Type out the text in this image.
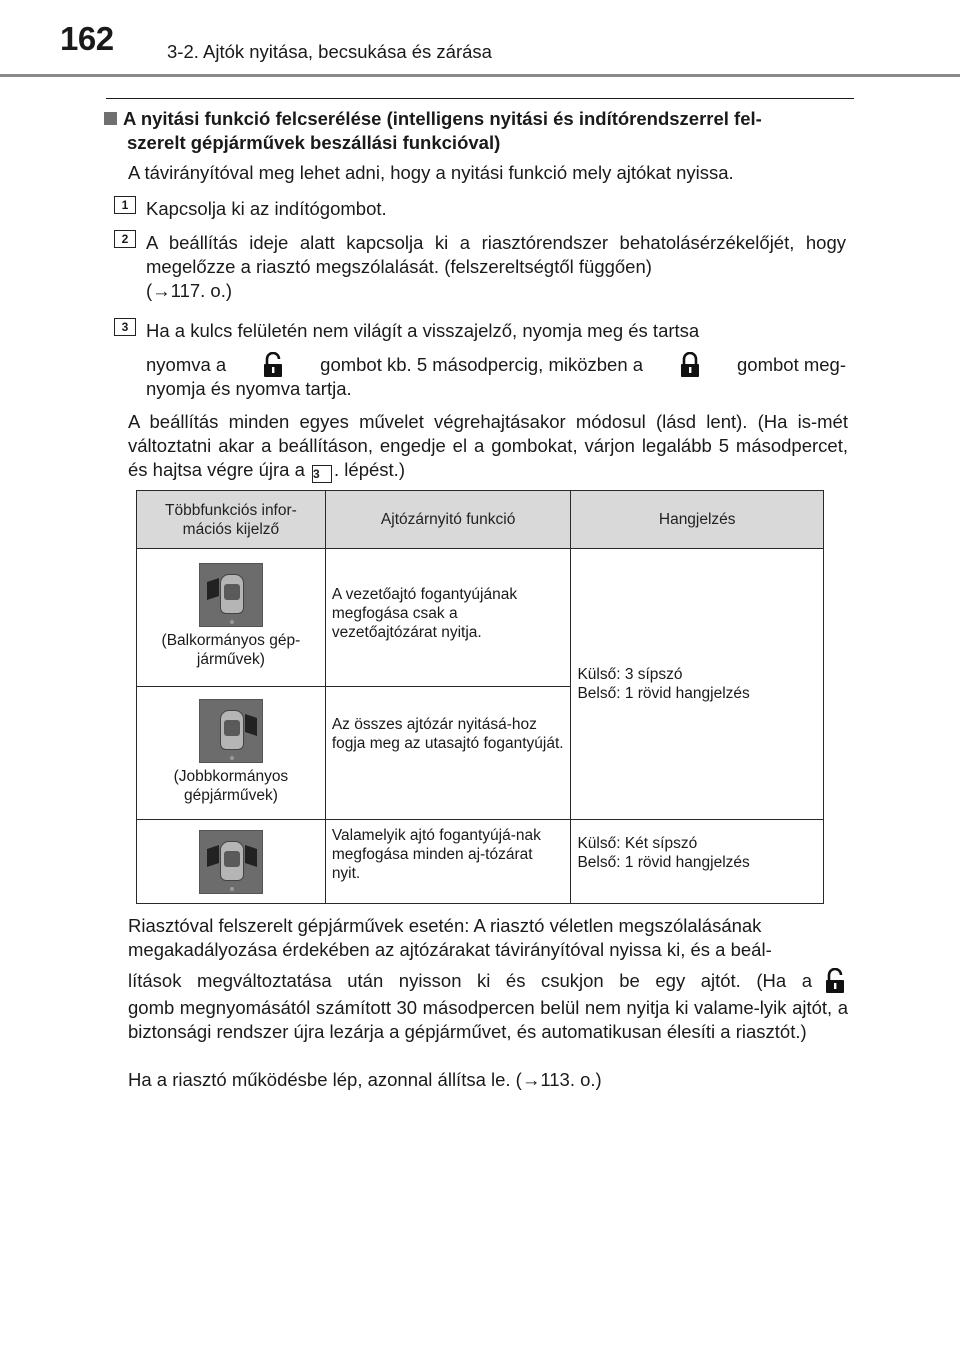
162	3-2. Ajtók nyitása, becsukása és zárása
A nyitási funkció felcserélése (intelligens nyitási és indítórendszerrel fel-
szerelt gépjárművek beszállási funkcióval)
A távirányítóval meg lehet adni, hogy a nyitási funkció mely ajtókat nyissa.
1 Kapcsolja ki az indítógombot.
2 A beállítás ideje alatt kapcsolja ki a riasztórendszer behatolásérzékelőjét, hogy megelőzze a riasztó megszólalását. (felszereltségtől függően)
(→117. o.)
3 Ha a kulcs felületén nem világít a visszajelző, nyomja meg és tartsa
nyomva a	gombot kb. 5 másodpercig, miközben a	gombot meg-
nyomja és nyomva tartja.
A beállítás minden egyes művelet végrehajtásakor módosul (lásd lent). (Ha is-mét változtatni akar a beállításon, engedje el a gombokat, várjon legalább 5 másodpercet, és hajtsa végre újra a 3 . lépést.)
Többfunkciós infor-mációs kijelző	Ajtózárnyitó funkció	Hangjelzés

(Balkormányos gép-járművek)	A vezetőajtó fogantyújának megfogása csak a vezetőajtózárat nyitja.	Külső: 3 sípszó
Belső: 1 rövid hangjelzés

(Jobbkormányos gépjárművek)	Az összes ajtózár nyitásá-hoz fogja meg az utasajtó fogantyúját.	

	Valamelyik ajtó fogantyújá-nak megfogása minden aj-tózárat nyit.	Külső: Két sípszó
Belső: 1 rövid hangjelzés
Riasztóval felszerelt gépjárművek esetén: A riasztó véletlen megszólalásának
megakadályozása érdekében az ajtózárakat távirányítóval nyissa ki, és a beál-
lítások megváltoztatása után nyisson ki és csukjon be egy ajtót. (Ha a
gomb megnyomásától számított 30 másodpercen belül nem nyitja ki valame-lyik ajtót, a biztonsági rendszer újra lezárja a gépjárművet, és automatikusan élesíti a riasztót.)
Ha a riasztó működésbe lép, azonnal állítsa le. (→113. o.)
